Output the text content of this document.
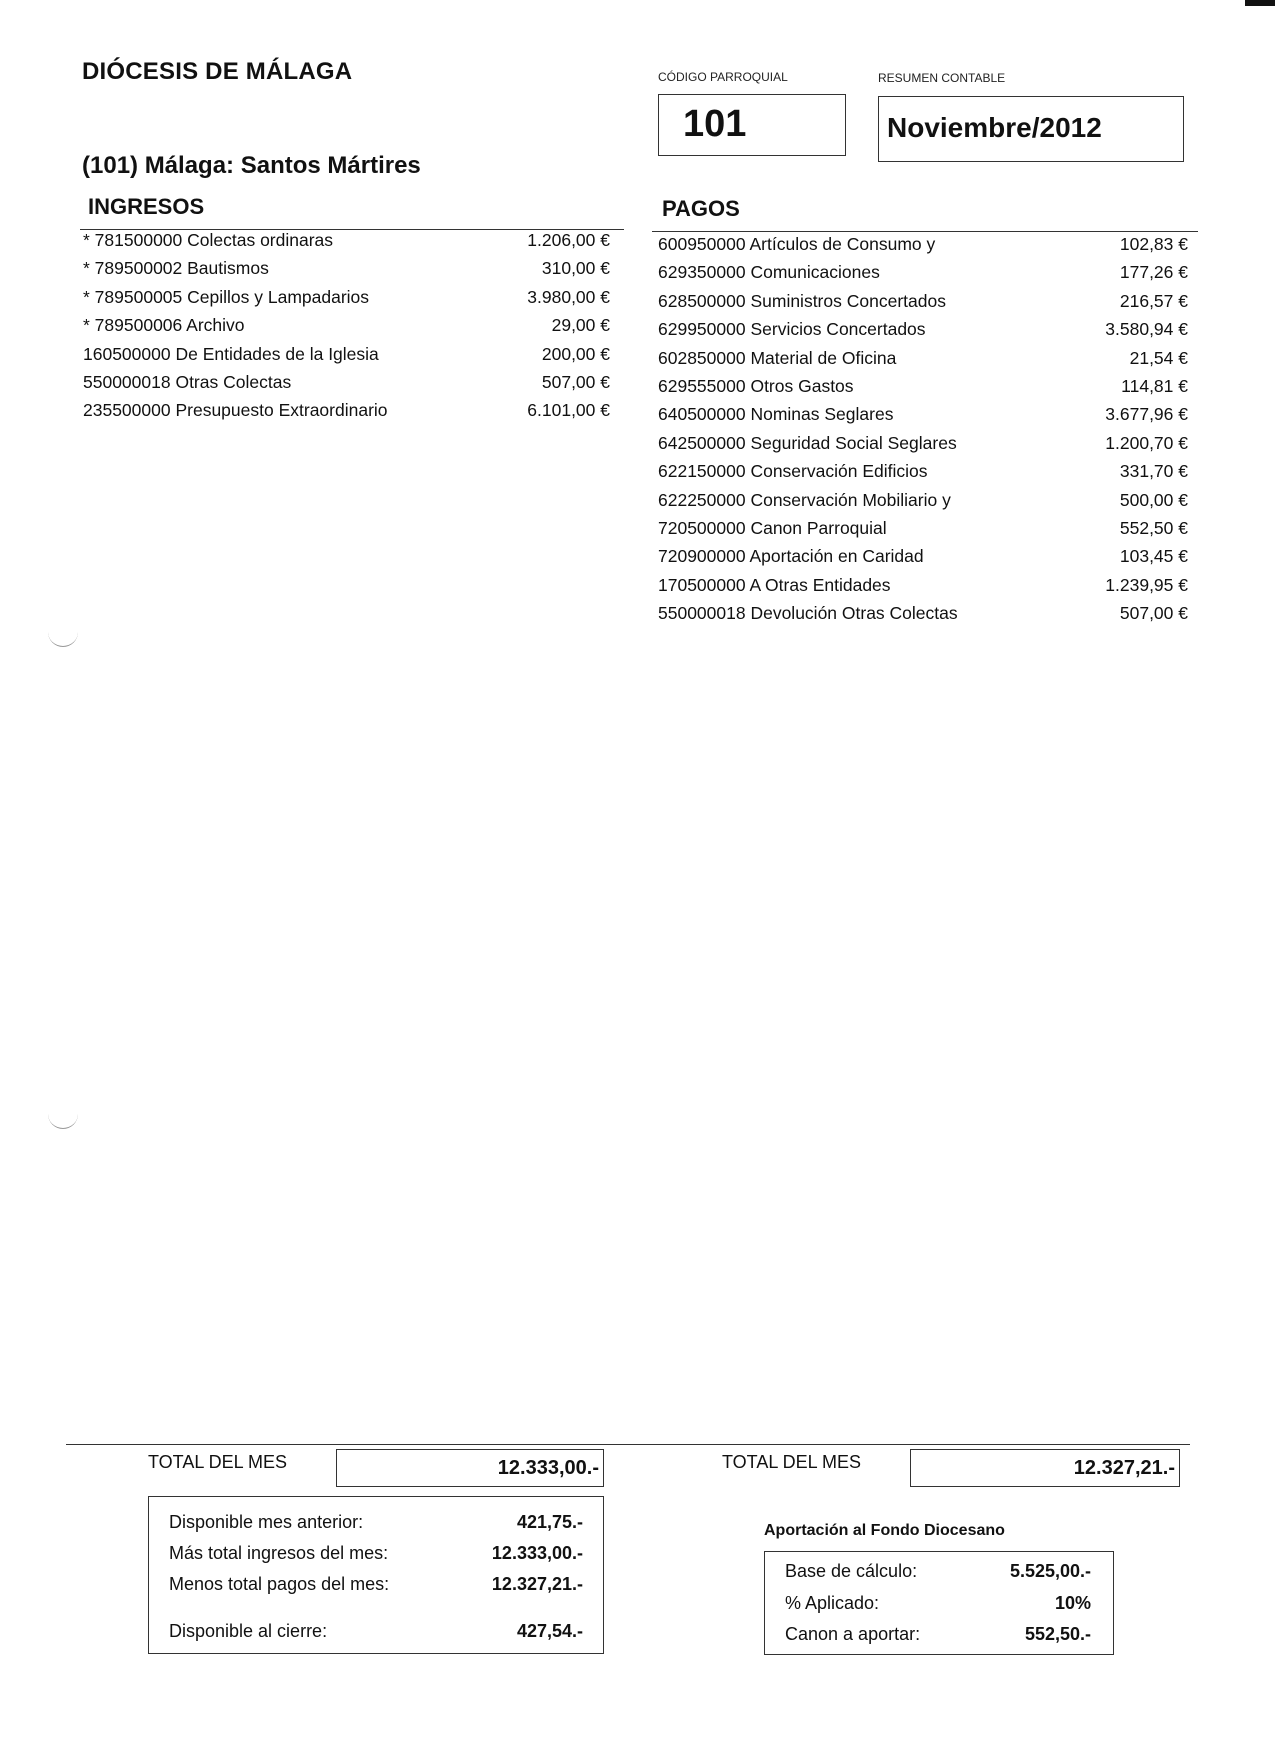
DIÓCESIS DE MÁLAGA	CÓDIGO PARROQUIAL	RESUMEN CONTABLE
101	Noviembre/2012
(101) Málaga: Santos Mártires
INGRESOS	PAGOS
* 781500000 Colectas ordinaras	1.206,00 €
* 789500002 Bautismos	310,00 €
* 789500005 Cepillos y Lampadarios	3.980,00 €
* 789500006 Archivo	29,00 €
160500000 De Entidades de la Iglesia	200,00 €
550000018 Otras Colectas	507,00 €
235500000 Presupuesto Extraordinario	6.101,00 €
600950000 Artículos de Consumo y	102,83 €
629350000 Comunicaciones	177,26 €
628500000 Suministros Concertados	216,57 €
629950000 Servicios Concertados	3.580,94 €
602850000 Material de Oficina	21,54 €
629555000 Otros Gastos	114,81 €
640500000 Nominas Seglares	3.677,96 €
642500000 Seguridad Social Seglares	1.200,70 €
622150000 Conservación Edificios	331,70 €
622250000 Conservación Mobiliario y	500,00 €
720500000 Canon Parroquial	552,50 €
720900000 Aportación en Caridad	103,45 €
170500000 A Otras Entidades	1.239,95 €
550000018 Devolución Otras Colectas	507,00 €
TOTAL DEL MES	12.333,00.-	TOTAL DEL MES	12.327,21.-
Disponible mes anterior:	421,75.-
Más total ingresos del mes:	12.333,00.-
Menos total pagos del mes:	12.327,21.-
Disponible al cierre:	427,54.-
Aportación al Fondo Diocesano
Base de cálculo:	5.525,00.-
% Aplicado:	10%
Canon a aportar:	552,50.-
